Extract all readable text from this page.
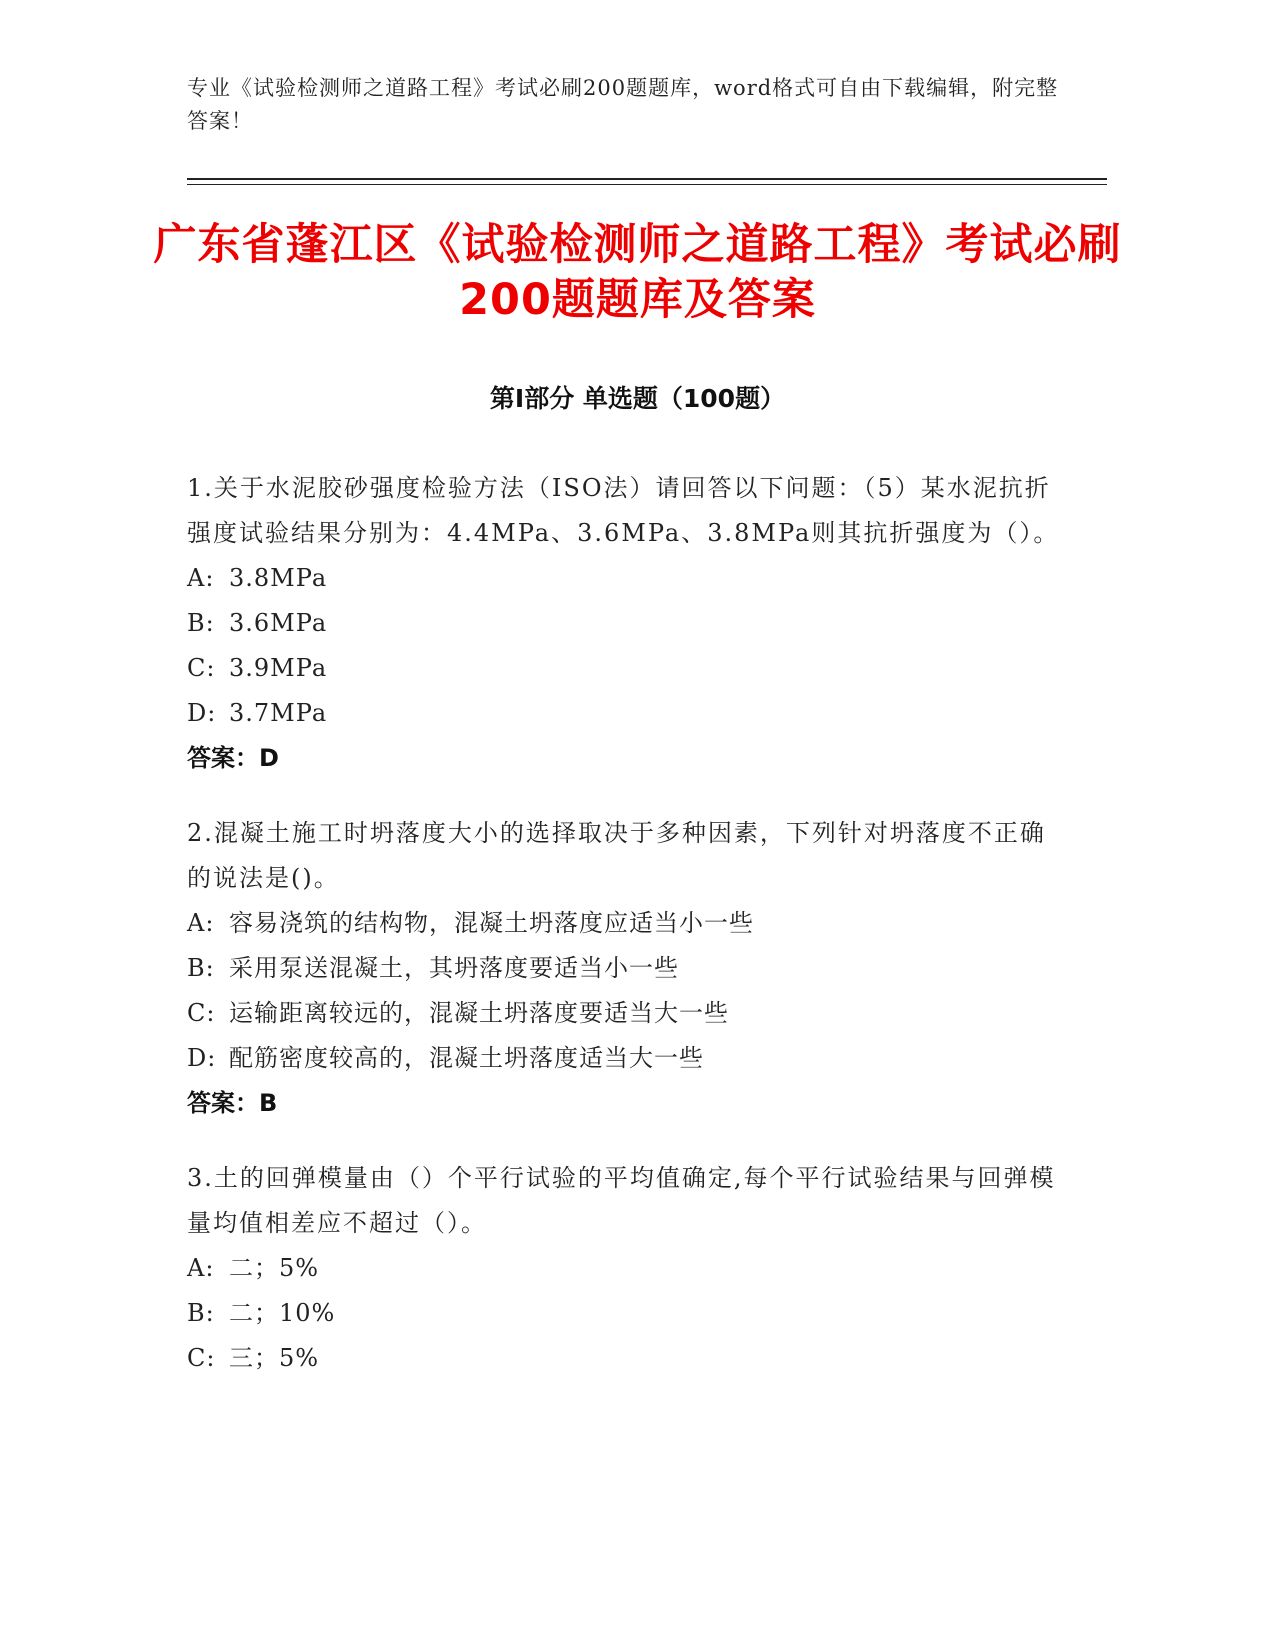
专业《试验检测师之道路工程》考试必刷200题题库，word格式可自由下载编辑，附完整答案！
广东省蓬江区《试验检测师之道路工程》考试必刷200题题库及答案
第Ⅰ部分 单选题（100题）
1.关于水泥胶砂强度检验方法（ISO法）请回答以下问题：（5）某水泥抗折强度试验结果分别为：4.4MPa、3.6MPa、3.8MPa则其抗折强度为（）。
A: 3.8MPa
B: 3.6MPa
C: 3.9MPa
D: 3.7MPa
答案：D
2.混凝土施工时坍落度大小的选择取决于多种因素，下列针对坍落度不正确的说法是()。
A: 容易浇筑的结构物，混凝土坍落度应适当小一些
B: 采用泵送混凝土，其坍落度要适当小一些
C: 运输距离较远的，混凝土坍落度要适当大一些
D: 配筋密度较高的，混凝土坍落度适当大一些
答案：B
3.土的回弹模量由（）个平行试验的平均值确定,每个平行试验结果与回弹模量均值相差应不超过（）。
A: 二；5%
B: 二；10%
C: 三；5%
